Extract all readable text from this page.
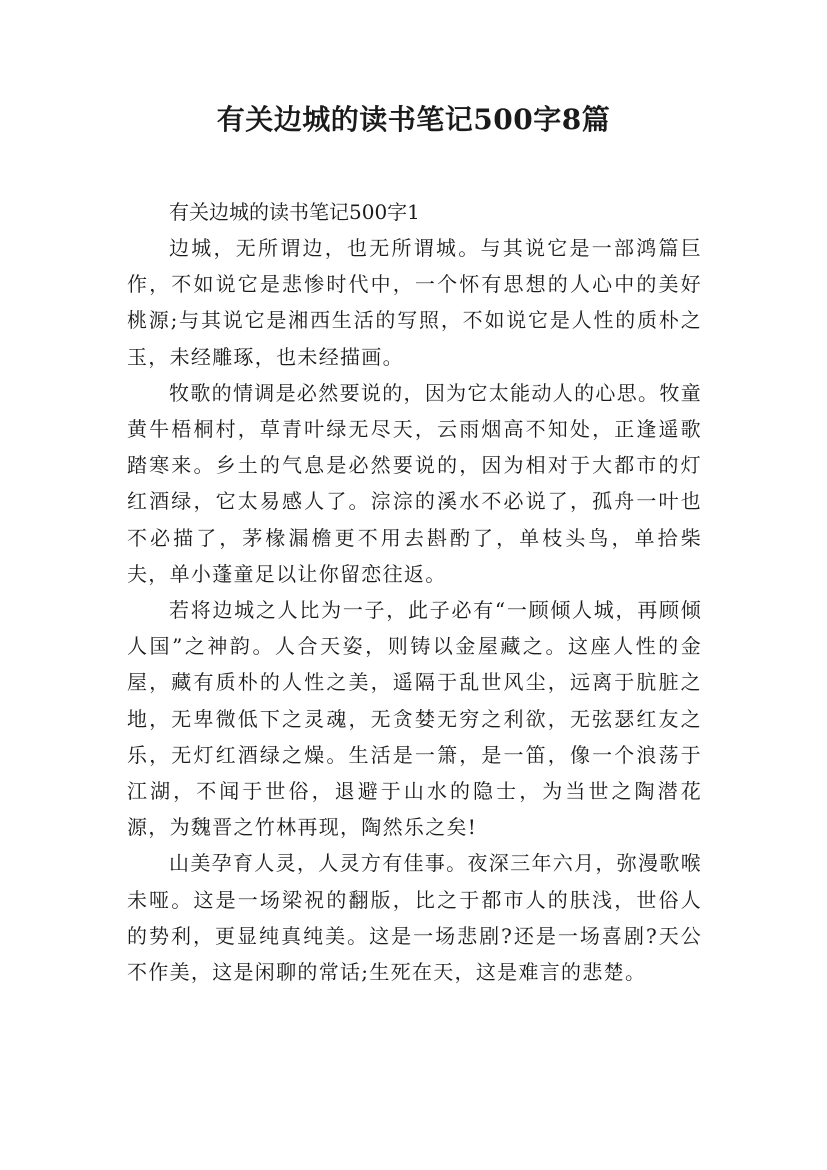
有关边城的读书笔记500字8篇

有关边城的读书笔记500字1

边城，无所谓边，也无所谓城。与其说它是一部鸿篇巨作，不如说它是悲惨时代中，一个怀有思想的人心中的美好桃源;与其说它是湘西生活的写照，不如说它是人性的质朴之玉，未经雕琢，也未经描画。

牧歌的情调是必然要说的，因为它太能动人的心思。牧童黄牛梧桐村，草青叶绿无尽天，云雨烟高不知处，正逢遥歌踏寒来。乡土的气息是必然要说的，因为相对于大都市的灯红酒绿，它太易感人了。淙淙的溪水不必说了，孤舟一叶也不必描了，茅椽漏檐更不用去斟酌了，单枝头鸟，单拾柴夫，单小蓬童足以让你留恋往返。

若将边城之人比为一子，此子必有“一顾倾人城，再顾倾人国”之神韵。人合天姿，则铸以金屋藏之。这座人性的金屋，藏有质朴的人性之美，遥隔于乱世风尘，远离于肮脏之地，无卑微低下之灵魂，无贪婪无穷之利欲，无弦瑟红友之乐，无灯红酒绿之燥。生活是一箫，是一笛，像一个浪荡于江湖，不闻于世俗，退避于山水的隐士，为当世之陶潜花源，为魏晋之竹林再现，陶然乐之矣!

山美孕育人灵，人灵方有佳事。夜深三年六月，弥漫歌喉未哑。这是一场梁祝的翻版，比之于都市人的肤浅，世俗人的势利，更显纯真纯美。这是一场悲剧?还是一场喜剧?天公不作美，这是闲聊的常话;生死在天，这是难言的悲楚。
